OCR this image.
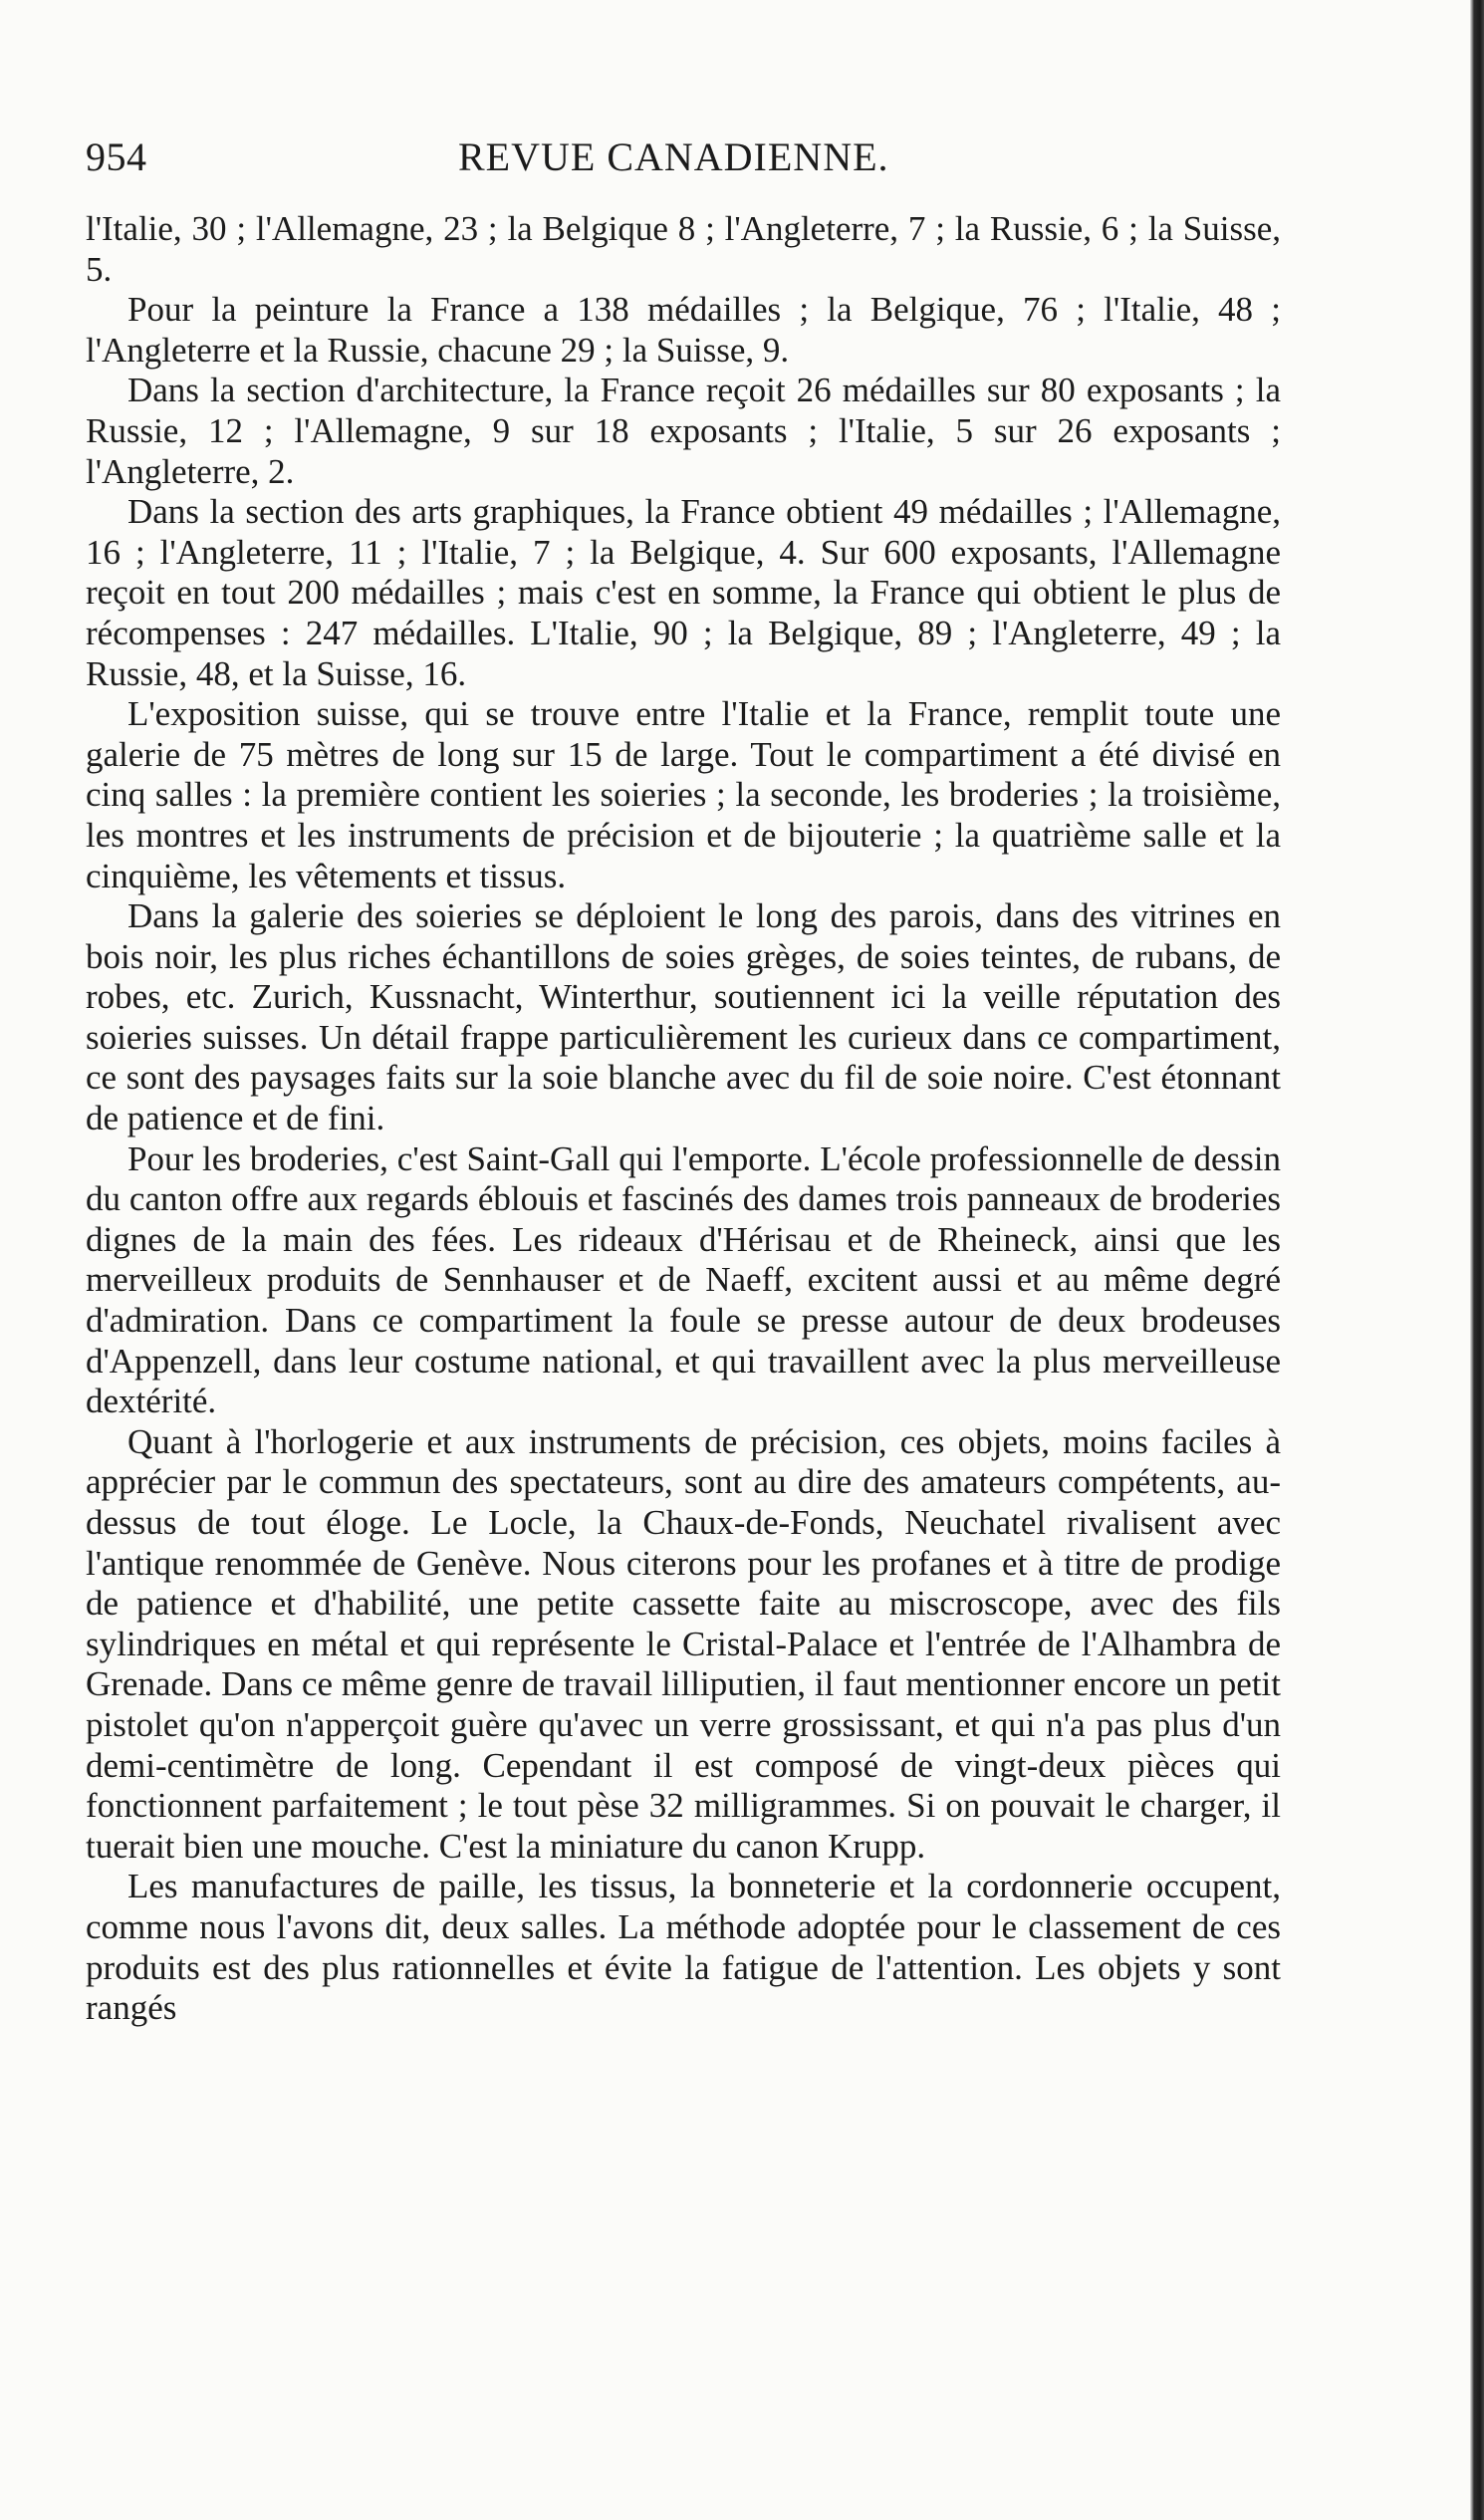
954	REVUE CANADIENNE.

l'Italie, 30 ; l'Allemagne, 23 ; la Belgique 8 ; l'Angleterre, 7 ; la Russie, 6 ; la Suisse, 5.

Pour la peinture la France a 138 médailles ; la Belgique, 76 ; l'Italie, 48 ; l'Angleterre et la Russie, chacune 29 ; la Suisse, 9.

Dans la section d'architecture, la France reçoit 26 médailles sur 80 exposants ; la Russie, 12 ; l'Allemagne, 9 sur 18 exposants ; l'Italie, 5 sur 26 exposants ; l'Angleterre, 2.

Dans la section des arts graphiques, la France obtient 49 médailles ; l'Allemagne, 16 ; l'Angleterre, 11 ; l'Italie, 7 ; la Belgique, 4. Sur 600 exposants, l'Allemagne reçoit en tout 200 médailles ; mais c'est en somme, la France qui obtient le plus de récompenses : 247 médailles. L'Italie, 90 ; la Belgique, 89 ; l'Angleterre, 49 ; la Russie, 48, et la Suisse, 16.

L'exposition suisse, qui se trouve entre l'Italie et la France, remplit toute une galerie de 75 mètres de long sur 15 de large. Tout le compartiment a été divisé en cinq salles : la première contient les soieries ; la seconde, les broderies ; la troisième, les montres et les instruments de précision et de bijouterie ; la quatrième salle et la cinquième, les vêtements et tissus.

Dans la galerie des soieries se déploient le long des parois, dans des vitrines en bois noir, les plus riches échantillons de soies grèges, de soies teintes, de rubans, de robes, etc. Zurich, Kussnacht, Winterthur, soutiennent ici la veille réputation des soieries suisses. Un détail frappe particulièrement les curieux dans ce compartiment, ce sont des paysages faits sur la soie blanche avec du fil de soie noire. C'est étonnant de patience et de fini.

Pour les broderies, c'est Saint-Gall qui l'emporte. L'école professionnelle de dessin du canton offre aux regards éblouis et fascinés des dames trois panneaux de broderies dignes de la main des fées. Les rideaux d'Hérisau et de Rheineck, ainsi que les merveilleux produits de Sennhauser et de Naeff, excitent aussi et au même degré d'admiration. Dans ce compartiment la foule se presse autour de deux brodeuses d'Appenzell, dans leur costume national, et qui travaillent avec la plus merveilleuse dextérité.

Quant à l'horlogerie et aux instruments de précision, ces objets, moins faciles à apprécier par le commun des spectateurs, sont au dire des amateurs compétents, au-dessus de tout éloge. Le Locle, la Chaux-de-Fonds, Neuchatel rivalisent avec l'antique renommée de Genève. Nous citerons pour les profanes et à titre de prodige de patience et d'habilité, une petite cassette faite au miscroscope, avec des fils sylindriques en métal et qui représente le Cristal-Palace et l'entrée de l'Alhambra de Grenade. Dans ce même genre de travail lilliputien, il faut mentionner encore un petit pistolet qu'on n'apperçoit guère qu'avec un verre grossissant, et qui n'a pas plus d'un demi-centimètre de long. Cependant il est composé de vingt-deux pièces qui fonctionnent parfaitement ; le tout pèse 32 milligrammes. Si on pouvait le charger, il tuerait bien une mouche. C'est la miniature du canon Krupp.

Les manufactures de paille, les tissus, la bonneterie et la cordonnerie occupent, comme nous l'avons dit, deux salles. La méthode adoptée pour le classement de ces produits est des plus rationnelles et évite la fatigue de l'attention. Les objets y sont rangés
